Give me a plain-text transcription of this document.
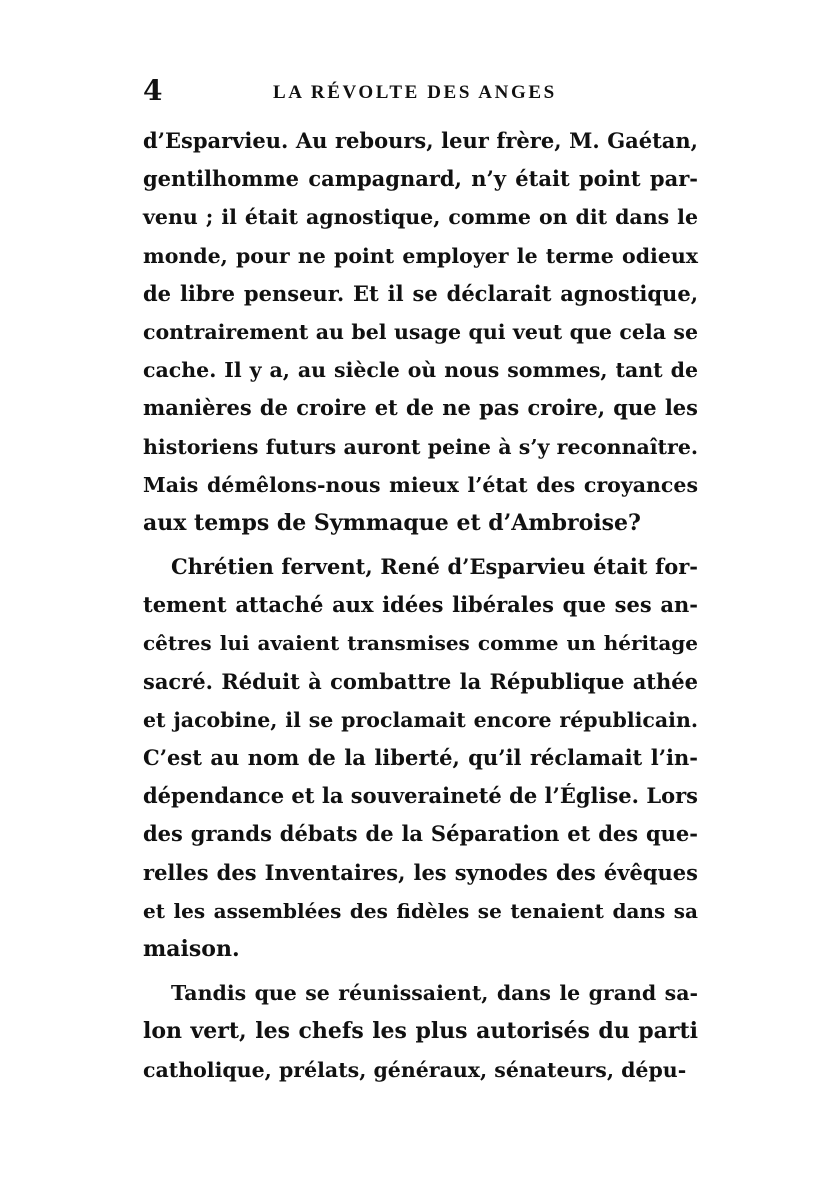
4	LA RÉVOLTE DES ANGES
d’Esparvieu. Au rebours, leur frère, M. Gaétan,
gentilhomme campagnard, n’y était point par-
venu ; il était agnostique, comme on dit dans le
monde, pour ne point employer le terme odieux
de libre penseur. Et il se déclarait agnostique,
contrairement au bel usage qui veut que cela se
cache. Il y a, au siècle où nous sommes, tant de
manières de croire et de ne pas croire, que les
historiens futurs auront peine à s’y reconnaître.
Mais démêlons-nous mieux l’état des croyances
aux temps de Symmaque et d’Ambroise?
Chrétien fervent, René d’Esparvieu était for-
tement attaché aux idées libérales que ses an-
cêtres lui avaient transmises comme un héritage
sacré. Réduit à combattre la République athée
et jacobine, il se proclamait encore républicain.
C’est au nom de la liberté, qu’il réclamait l’in-
dépendance et la souveraineté de l’Église. Lors
des grands débats de la Séparation et des que-
relles des Inventaires, les synodes des évêques
et les assemblées des fidèles se tenaient dans sa
maison.
Tandis que se réunissaient, dans le grand sa-
lon vert, les chefs les plus autorisés du parti
catholique, prélats, généraux, sénateurs, dépu-
